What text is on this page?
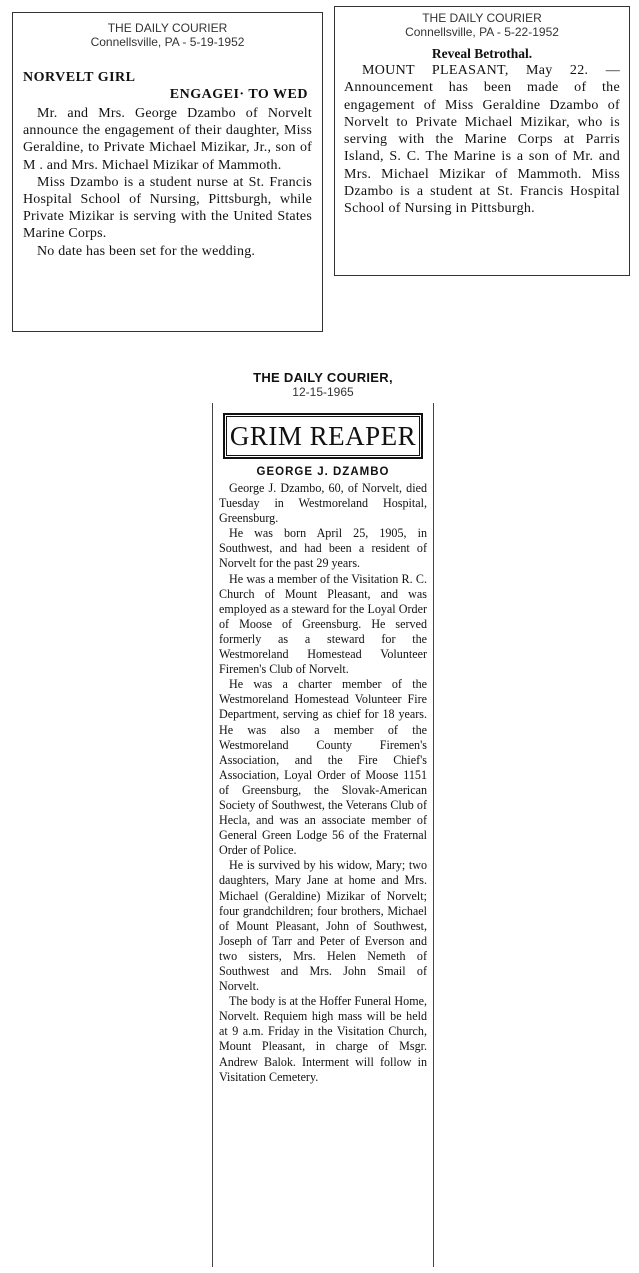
THE DAILY COURIER
Connellsville, PA - 5-19-1952
NORVELT GIRL
ENGAGEI· TO WED

Mr. and Mrs. George Dzambo of Norvelt announce the engagement of their daughter, Miss Geraldine, to Private Michael Mizikar, Jr., son of M . and Mrs. Michael Mizikar of Mammoth.

Miss Dzambo is a student nurse at St. Francis Hospital School of Nursing, Pittsburgh, while Private Mizikar is serving with the United States Marine Corps.

No date has been set for the wedding.

THE DAILY COURIER
Connellsville, PA - 5-22-1952
Reveal Betrothal.

MOUNT PLEASANT, May 22. — Announcement has been made of the engagement of Miss Geraldine Dzambo of Norvelt to Private Michael Mizikar, who is serving with the Marine Corps at Parris Island, S. C. The Marine is a son of Mr. and Mrs. Michael Mizikar of Mammoth. Miss Dzambo is a student at St. Francis Hospital School of Nursing in Pittsburgh.

THE DAILY COURIER,
12-15-1965
GRIM REAPER
GEORGE J. DZAMBO

George J. Dzambo, 60, of Norvelt, died Tuesday in Westmoreland Hospital, Greensburg.

He was born April 25, 1905, in Southwest, and had been a resident of Norvelt for the past 29 years.

He was a member of the Visitation R. C. Church of Mount Pleasant, and was employed as a steward for the Loyal Order of Moose of Greensburg. He served formerly as a steward for the Westmoreland Homestead Volunteer Firemen's Club of Norvelt.

He was a charter member of the Westmoreland Homestead Volunteer Fire Department, serving as chief for 18 years. He was also a member of the Westmoreland County Firemen's Association, and the Fire Chief's Association, Loyal Order of Moose 1151 of Greensburg, the Slovak-American Society of Southwest, the Veterans Club of Hecla, and was an associate member of General Green Lodge 56 of the Fraternal Order of Police.

He is survived by his widow, Mary; two daughters, Mary Jane at home and Mrs. Michael (Geraldine) Mizikar of Norvelt; four grandchildren; four brothers, Michael of Mount Pleasant, John of Southwest, Joseph of Tarr and Peter of Everson and two sisters, Mrs. Helen Nemeth of Southwest and Mrs. John Smail of Norvelt.

The body is at the Hoffer Funeral Home, Norvelt. Requiem high mass will be held at 9 a.m. Friday in the Visitation Church, Mount Pleasant, in charge of Msgr. Andrew Balok. Interment will follow in Visitation Cemetery.
